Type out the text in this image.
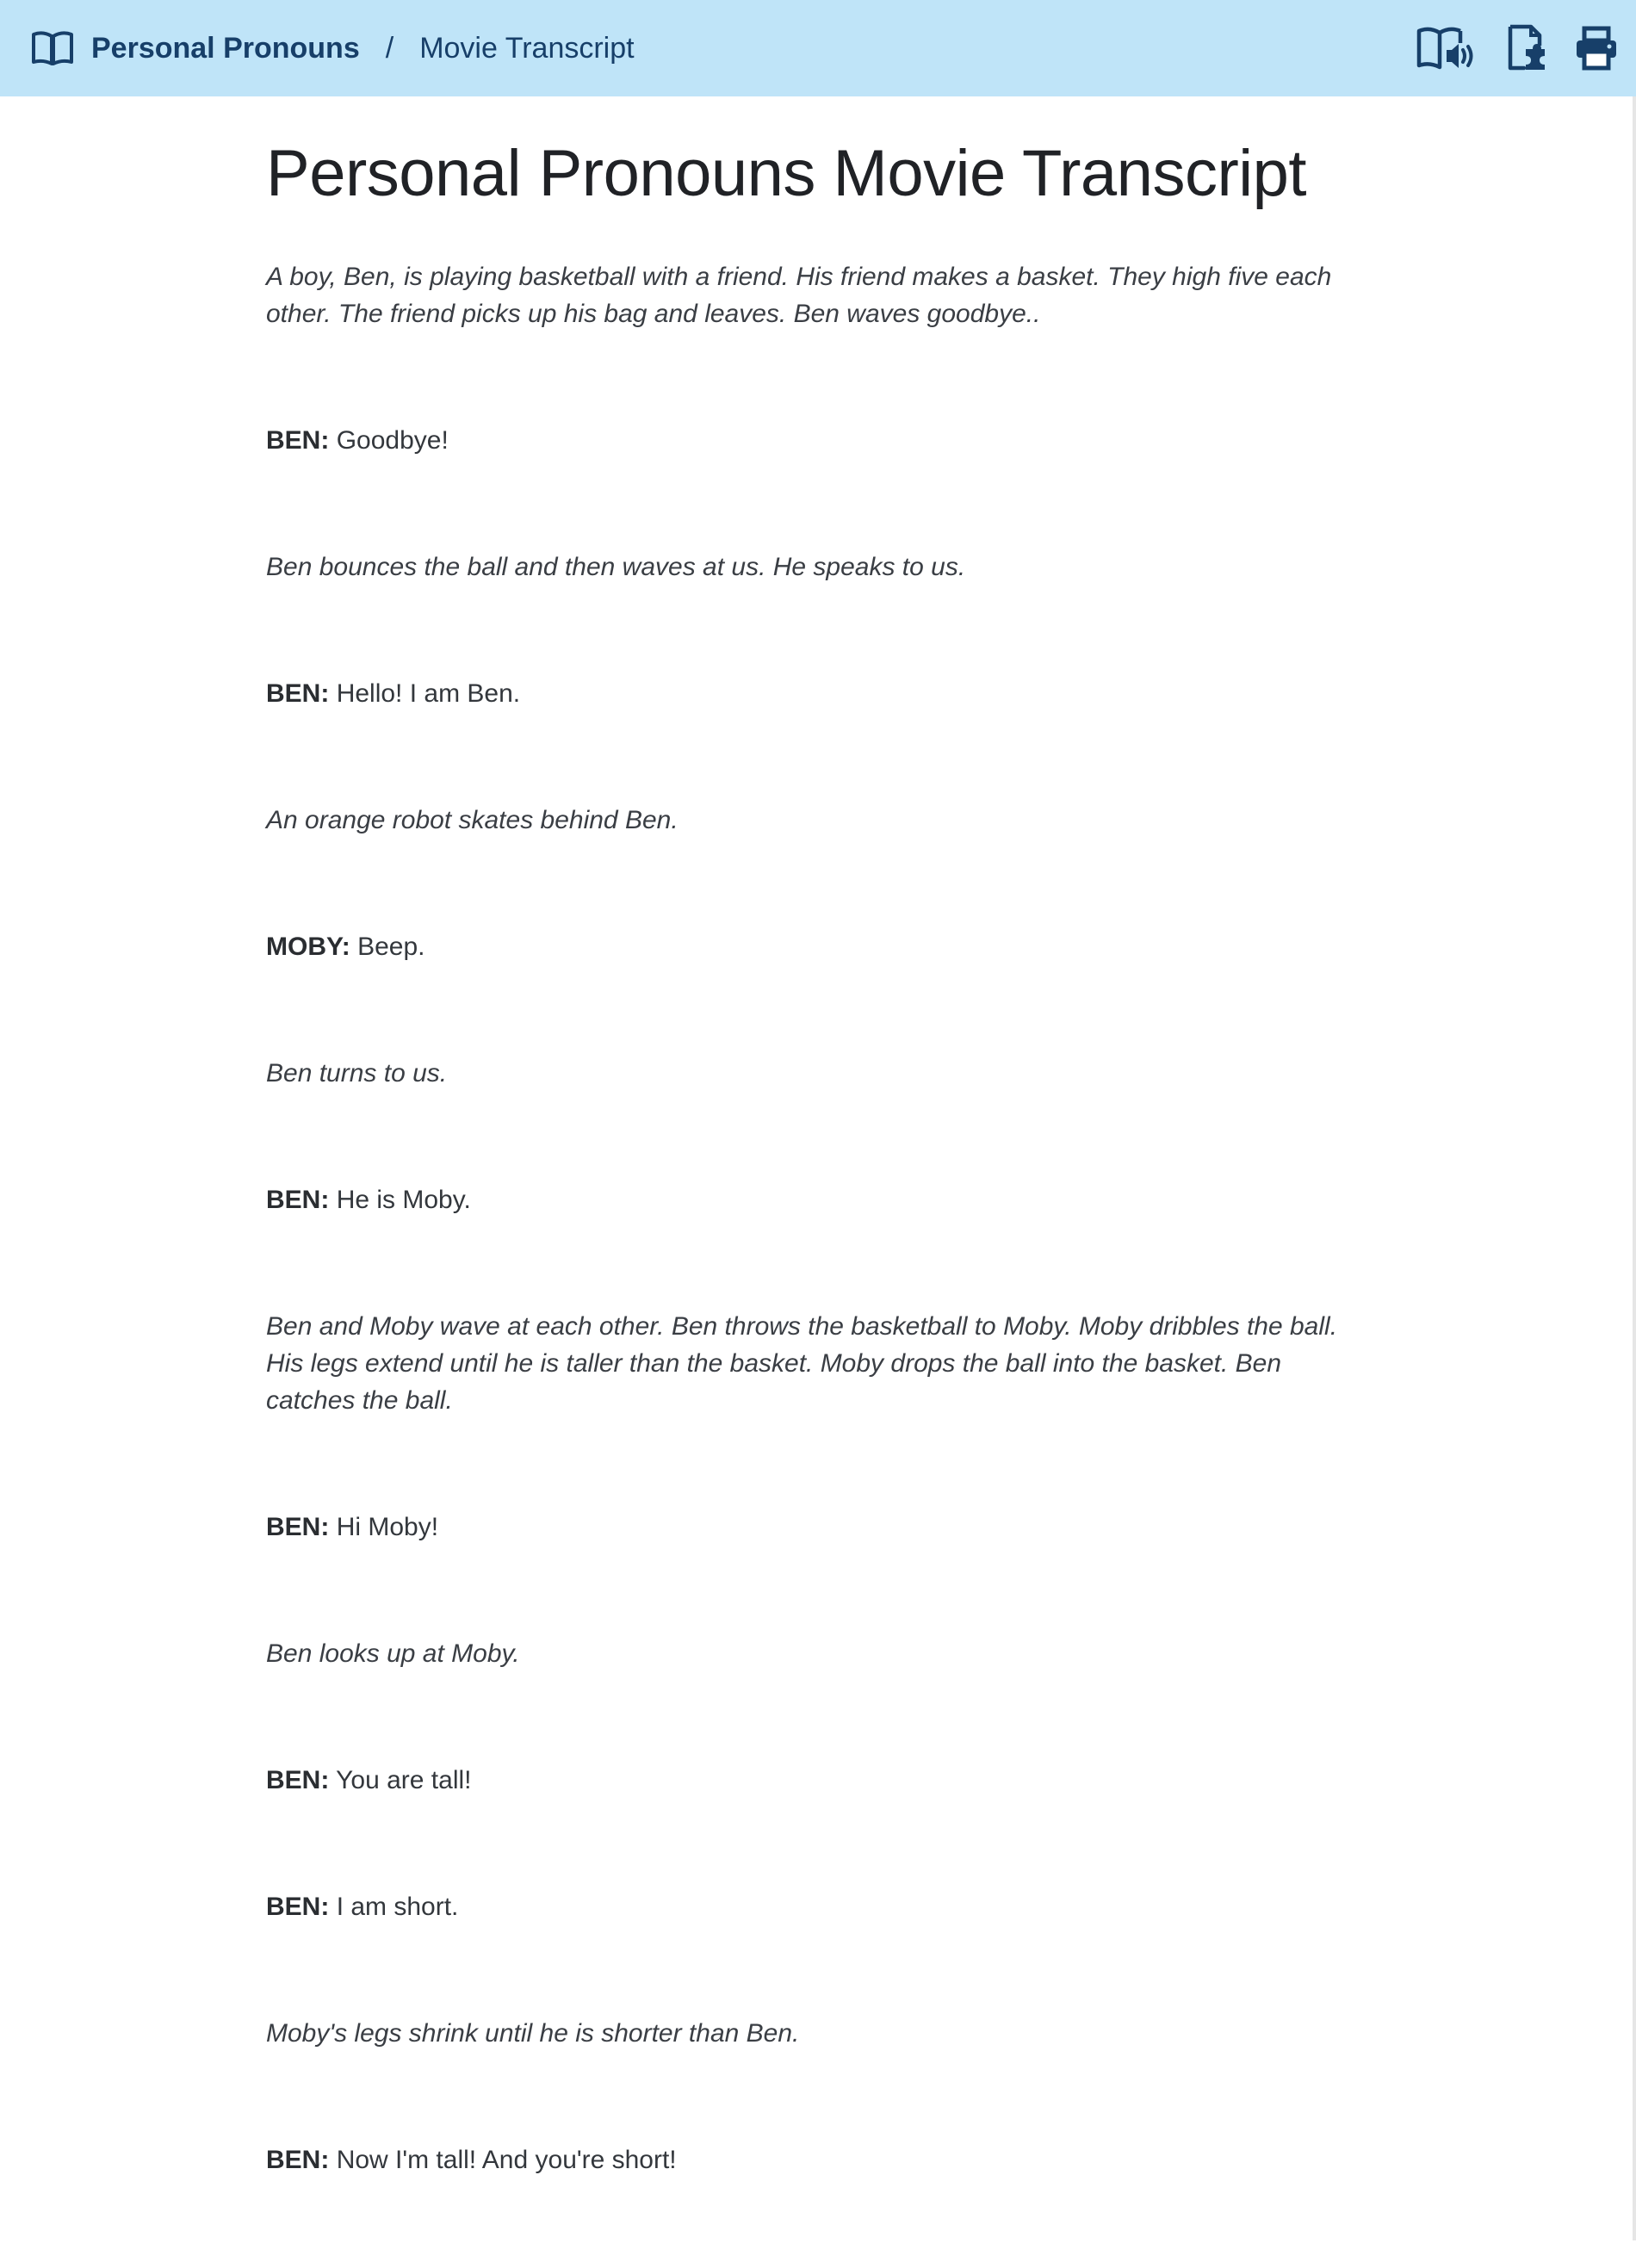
Personal Pronouns / Movie Transcript
Personal Pronouns Movie Transcript

A boy, Ben, is playing basketball with a friend. His friend makes a basket. They high five each other. The friend picks up his bag and leaves. Ben waves goodbye..

BEN: Goodbye!

Ben bounces the ball and then waves at us. He speaks to us.

BEN: Hello! I am Ben.

An orange robot skates behind Ben.

MOBY: Beep.

Ben turns to us.

BEN: He is Moby.

Ben and Moby wave at each other. Ben throws the basketball to Moby. Moby dribbles the ball. His legs extend until he is taller than the basket. Moby drops the ball into the basket. Ben catches the ball.

BEN: Hi Moby!

Ben looks up at Moby.

BEN: You are tall!

BEN: I am short.

Moby's legs shrink until he is shorter than Ben.

BEN: Now I'm tall! And you're short!
